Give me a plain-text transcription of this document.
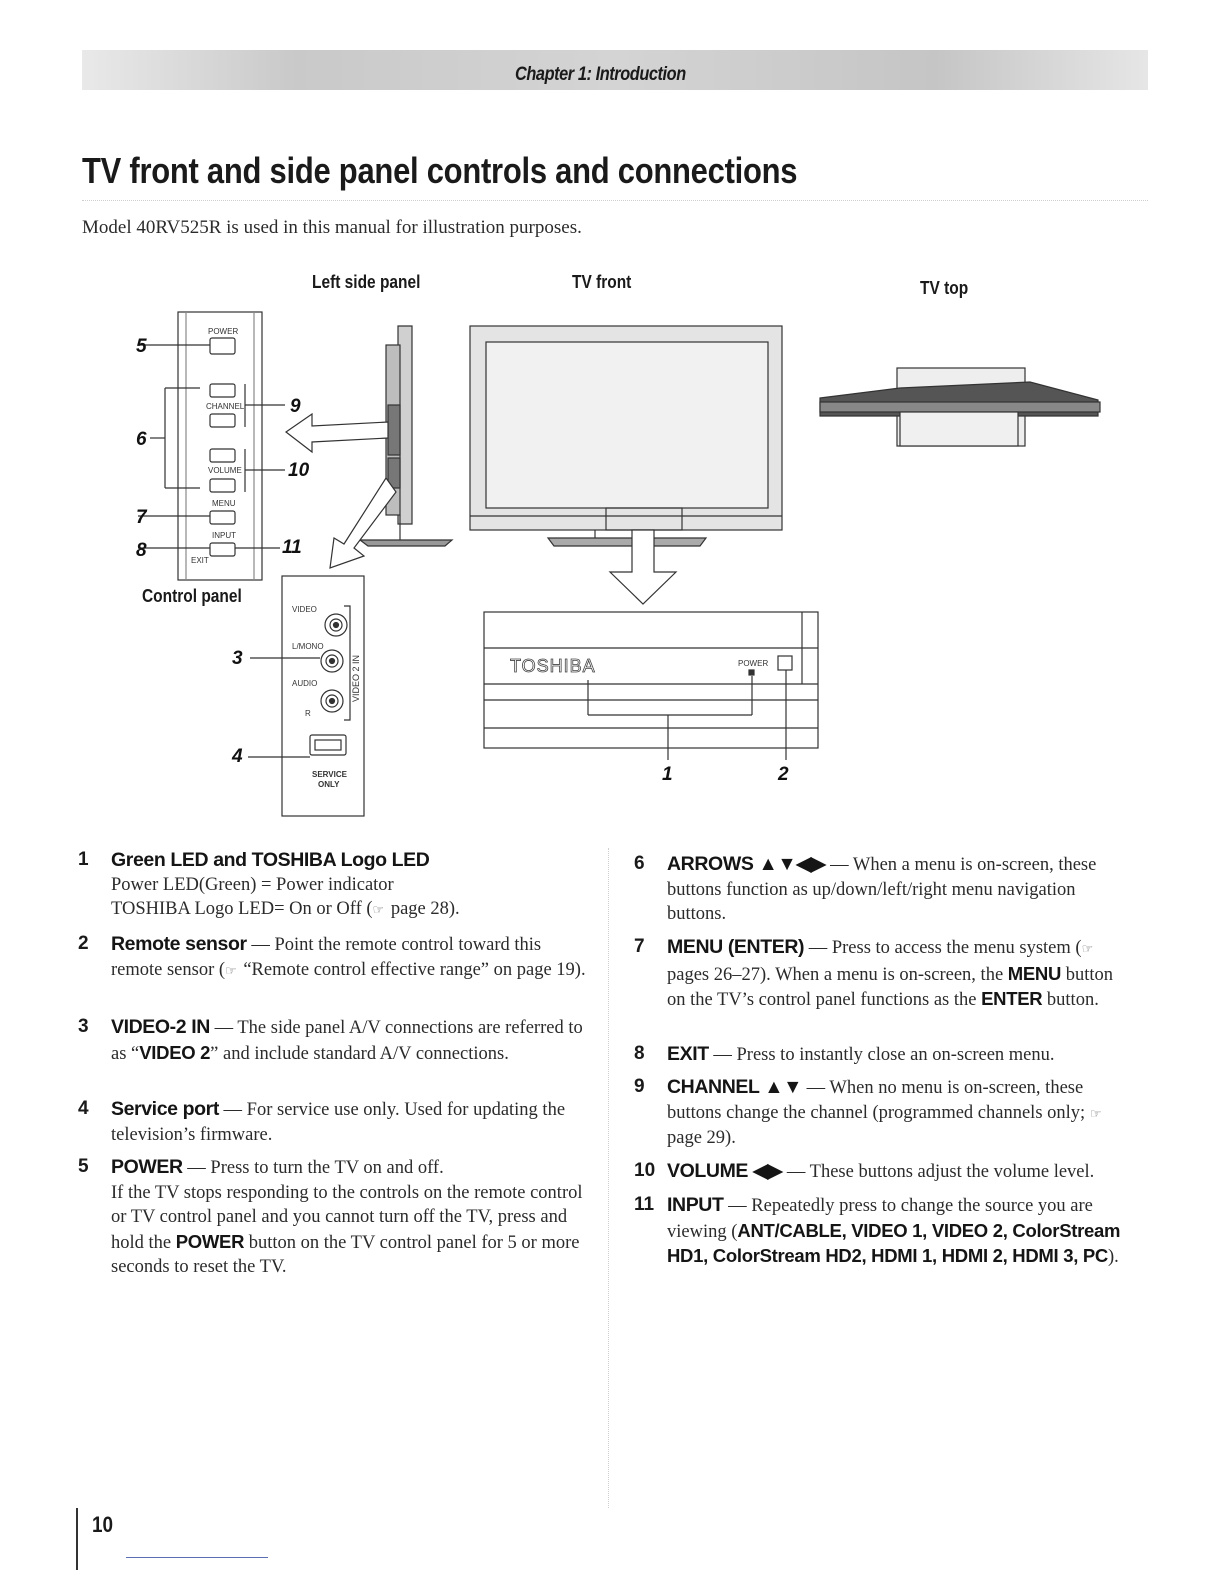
Chapter 1: Introduction
TV front and side panel controls and connections
Model 40RV525R is used in this manual for illustration purposes.
Left side panel	TV front	TV top
Control panel
POWER
CHANNEL
VOLUME
MENU
INPUT
EXIT
5
6
7
8
9
10
11
3
4
1	2
VIDEO
L/MONO
AUDIO
R
SERVICE
ONLY
VIDEO 2 IN	TOSHIBA	POWER
1 Green LED and TOSHIBA Logo LED
Power LED(Green) = Power indicator
TOSHIBA Logo LED= On or Off (☞ page 28).
2 Remote sensor — Point the remote control toward this remote sensor (☞ “Remote control effective range” on page 19).
3 VIDEO-2 IN — The side panel A/V connections are referred to as “VIDEO 2” and include standard A/V connections.
4 Service port — For service use only. Used for updating the television’s firmware.
5 POWER — Press to turn the TV on and off.
If the TV stops responding to the controls on the remote control or TV control panel and you cannot turn off the TV, press and hold the POWER button on the TV control panel for 5 or more seconds to reset the TV.
6 ARROWS ▲▼◀▶ — When a menu is on-screen, these buttons function as up/down/left/right menu navigation buttons.
7 MENU (ENTER) — Press to access the menu system (☞ pages 26–27). When a menu is on-screen, the MENU button on the TV’s control panel functions as the ENTER button.
8 EXIT — Press to instantly close an on-screen menu.
9 CHANNEL ▲▼ — When no menu is on-screen, these buttons change the channel (programmed channels only; ☞ page 29).
10 VOLUME ◀▶ — These buttons adjust the volume level.
11 INPUT — Repeatedly press to change the source you are viewing (ANT/CABLE, VIDEO 1, VIDEO 2, ColorStream HD1, ColorStream HD2, HDMI 1, HDMI 2, HDMI 3, PC).
10
